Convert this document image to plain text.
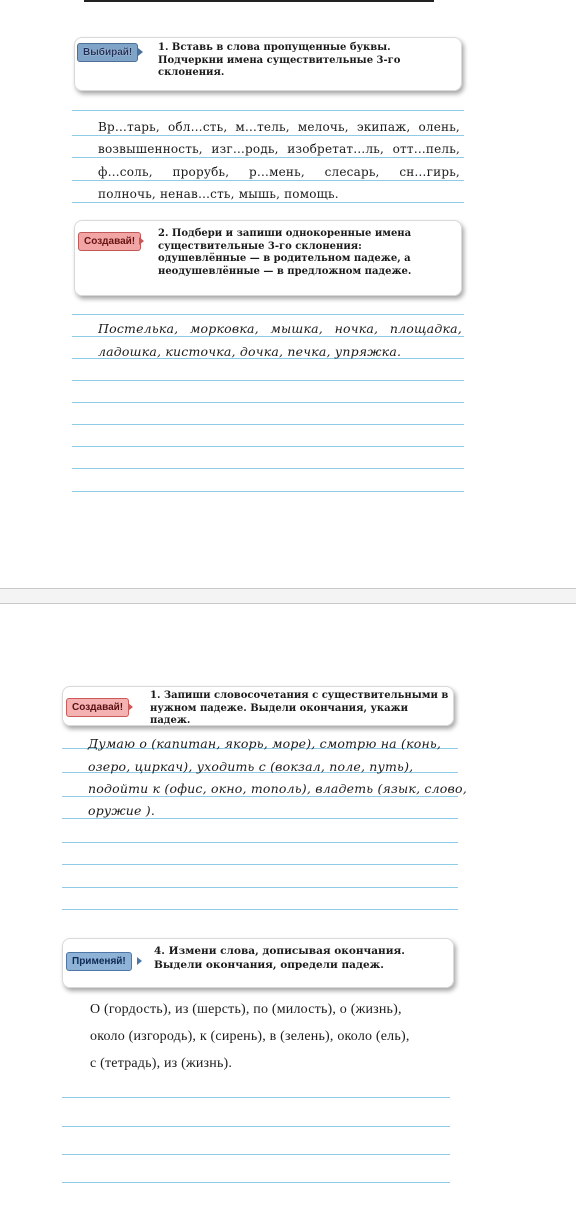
Выбирай!	1. Вставь в слова пропущенные буквы. Подчеркни имена существительные 3-го склонения.
Вр…тарь, обл…сть, м…тель, мелочь, экипаж, олень,
возвышенность, изг…родь, изобретат…ль, отт…пель,
ф…соль, прорубь, р…мень, слесарь, сн…гирь,
полночь, ненав…сть, мышь, помощь.
Создавай!
2. Подбери и запиши однокоренные имена существительные 3-го склонения: одушевлённые — в родительном падеже, а неодушевлённые — в предложном падеже.
Постелька, морковка, мышка, ночка, площадка,
ладошка, кисточка, дочка, печка, упряжка.
Создавай!
1. Запиши словосочетания с существительными в нужном падеже. Выдели окончания, укажи падеж.
Думаю о (капитан, якорь, море), смотрю на (конь,
озеро, циркач), уходить с (вокзал, поле, путь),
подойти к (офис, окно, тополь), владеть (язык, слово,
оружие ).
Применяй!
4. Измени слова, дописывая окончания. Выдели окончания, определи падеж.
О (гордость), из (шерсть), по (милость), о (жизнь),
около (изгородь), к (сирень), в (зелень), около (ель),
с (тетрадь), из (жизнь).
